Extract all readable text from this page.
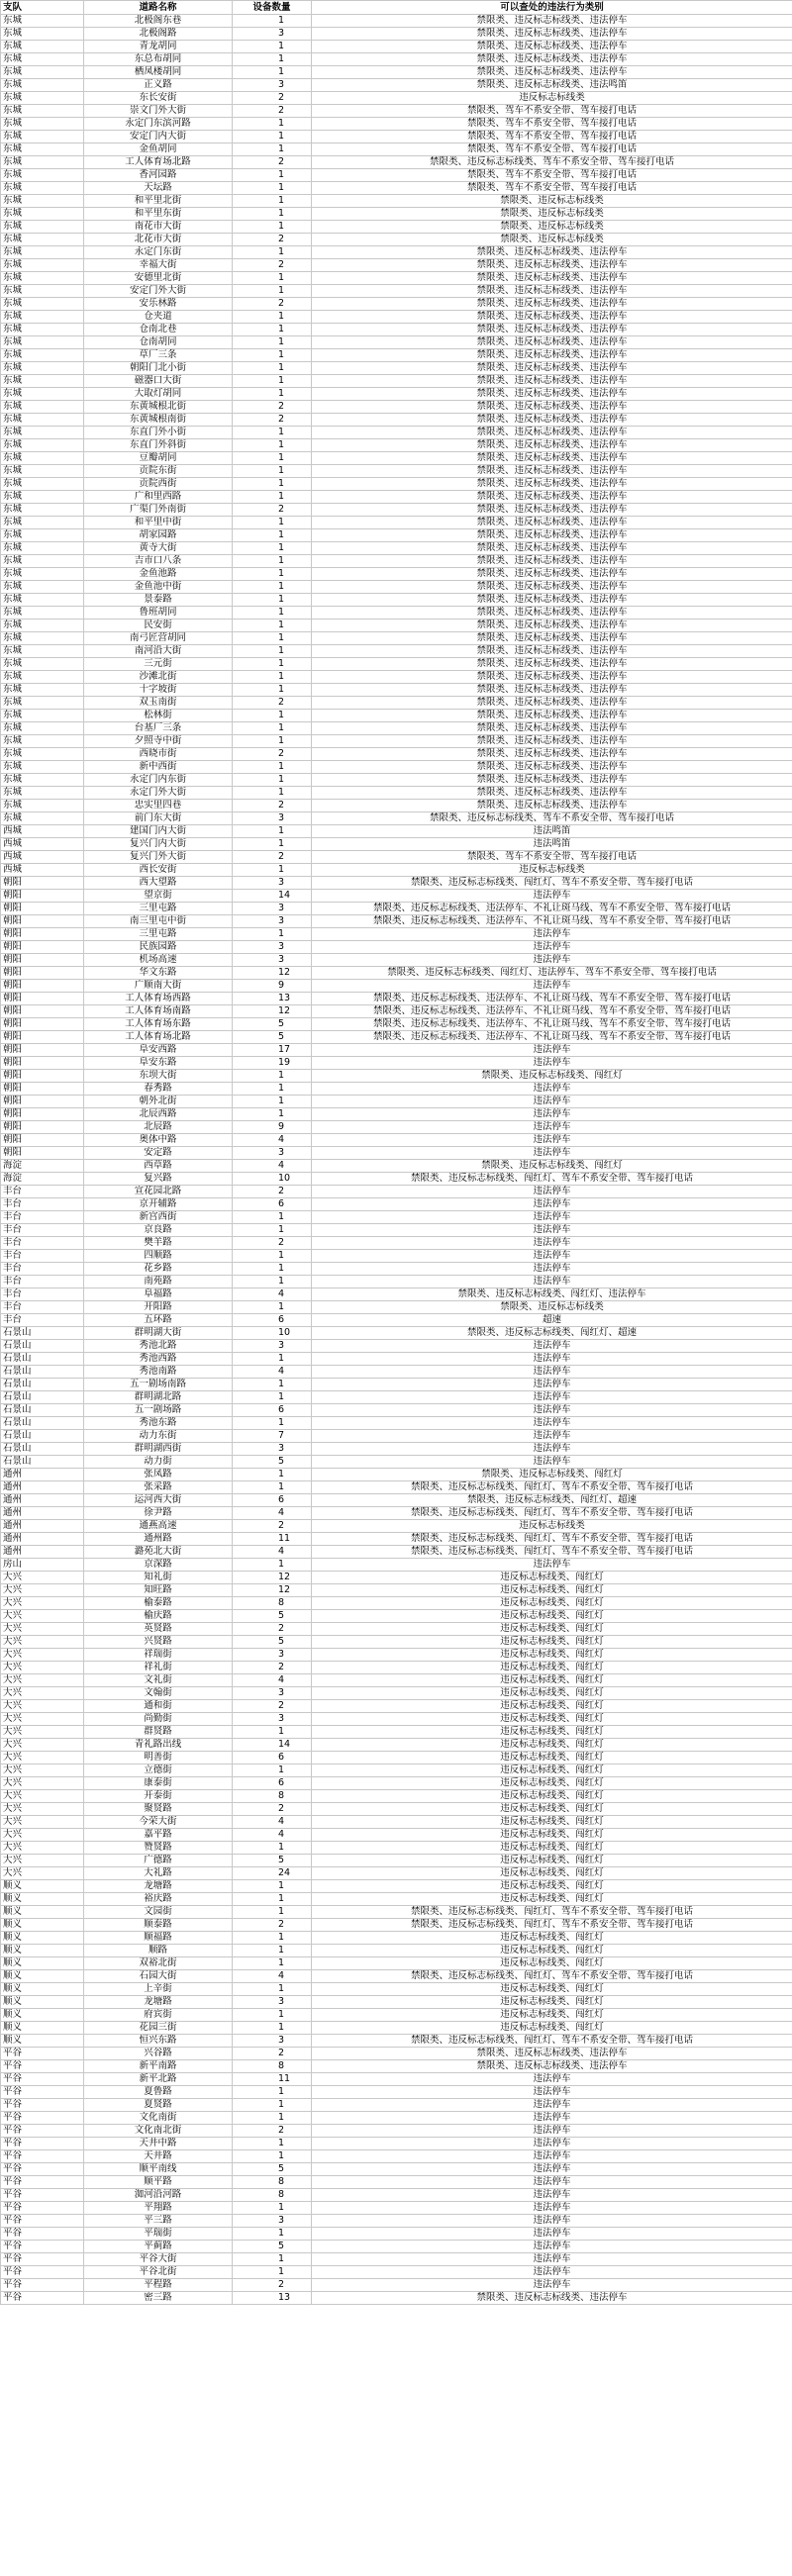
支队	道路名称	设备数量	可以查处的违法行为类别
东城	北极阁东巷	1	禁限类、违反标志标线类、违法停车
东城	北极阁路	3	禁限类、违反标志标线类、违法停车
东城	青龙胡同	1	禁限类、违反标志标线类、违法停车
东城	东总布胡同	1	禁限类、违反标志标线类、违法停车
东城	栖凤楼胡同	1	禁限类、违反标志标线类、违法停车
东城	正义路	3	禁限类、违反标志标线类、违法鸣笛
东城	东长安街	2	违反标志标线类
东城	崇文门外大街	2	禁限类、驾车不系安全带、驾车接打电话
东城	永定门东滨河路	1	禁限类、驾车不系安全带、驾车接打电话
东城	安定门内大街	1	禁限类、驾车不系安全带、驾车接打电话
东城	金鱼胡同	1	禁限类、驾车不系安全带、驾车接打电话
东城	工人体育场北路	2	禁限类、违反标志标线类、驾车不系安全带、驾车接打电话
东城	香河园路	1	禁限类、驾车不系安全带、驾车接打电话
东城	天坛路	1	禁限类、驾车不系安全带、驾车接打电话
东城	和平里北街	1	禁限类、违反标志标线类
东城	和平里东街	1	禁限类、违反标志标线类
东城	南花市大街	1	禁限类、违反标志标线类
东城	北花市大街	2	禁限类、违反标志标线类
东城	永定门东街	1	禁限类、违反标志标线类、违法停车
东城	幸福大街	2	禁限类、违反标志标线类、违法停车
东城	安德里北街	1	禁限类、违反标志标线类、违法停车
东城	安定门外大街	1	禁限类、违反标志标线类、违法停车
东城	安乐林路	2	禁限类、违反标志标线类、违法停车
东城	仓夹道	1	禁限类、违反标志标线类、违法停车
东城	仓南北巷	1	禁限类、违反标志标线类、违法停车
东城	仓南胡同	1	禁限类、违反标志标线类、违法停车
东城	草厂三条	1	禁限类、违反标志标线类、违法停车
东城	朝阳门北小街	1	禁限类、违反标志标线类、违法停车
东城	磁器口大街	1	禁限类、违反标志标线类、违法停车
东城	大取灯胡同	1	禁限类、违反标志标线类、违法停车
东城	东黄城根北街	2	禁限类、违反标志标线类、违法停车
东城	东黄城根南街	2	禁限类、违反标志标线类、违法停车
东城	东直门外小街	1	禁限类、违反标志标线类、违法停车
东城	东直门外斜街	1	禁限类、违反标志标线类、违法停车
东城	豆瓣胡同	1	禁限类、违反标志标线类、违法停车
东城	贡院东街	1	禁限类、违反标志标线类、违法停车
东城	贡院西街	1	禁限类、违反标志标线类、违法停车
东城	广和里西路	1	禁限类、违反标志标线类、违法停车
东城	广渠门外南街	2	禁限类、违反标志标线类、违法停车
东城	和平里中街	1	禁限类、违反标志标线类、违法停车
东城	胡家园路	1	禁限类、违反标志标线类、违法停车
东城	黄寺大街	1	禁限类、违反标志标线类、违法停车
东城	吉市口八条	1	禁限类、违反标志标线类、违法停车
东城	金鱼池路	1	禁限类、违反标志标线类、违法停车
东城	金鱼池中街	1	禁限类、违反标志标线类、违法停车
东城	景泰路	1	禁限类、违反标志标线类、违法停车
东城	鲁班胡同	1	禁限类、违反标志标线类、违法停车
东城	民安街	1	禁限类、违反标志标线类、违法停车
东城	南弓匠营胡同	1	禁限类、违反标志标线类、违法停车
东城	南河沿大街	1	禁限类、违反标志标线类、违法停车
东城	三元街	1	禁限类、违反标志标线类、违法停车
东城	沙滩北街	1	禁限类、违反标志标线类、违法停车
东城	十字坡街	1	禁限类、违反标志标线类、违法停车
东城	双玉南街	2	禁限类、违反标志标线类、违法停车
东城	松林街	1	禁限类、违反标志标线类、违法停车
东城	台基厂三条	1	禁限类、违反标志标线类、违法停车
东城	夕照寺中街	1	禁限类、违反标志标线类、违法停车
东城	西晓市街	2	禁限类、违反标志标线类、违法停车
东城	新中西街	1	禁限类、违反标志标线类、违法停车
东城	永定门内东街	1	禁限类、违反标志标线类、违法停车
东城	永定门外大街	1	禁限类、违反标志标线类、违法停车
东城	忠实里四巷	2	禁限类、违反标志标线类、违法停车
东城	前门东大街	3	禁限类、违反标志标线类、驾车不系安全带、驾车接打电话
西城	建国门内大街	1	违法鸣笛
西城	复兴门内大街	1	违法鸣笛
西城	复兴门外大街	2	禁限类、驾车不系安全带、驾车接打电话
西城	西长安街	1	违反标志标线类
朝阳	西大望路	3	禁限类、违反标志标线类、闯红灯、驾车不系安全带、驾车接打电话
朝阳	望京街	14	违法停车
朝阳	三里屯路	3	禁限类、违反标志标线类、违法停车、不礼让斑马线、驾车不系安全带、驾车接打电话
朝阳	南三里屯中街	3	禁限类、违反标志标线类、违法停车、不礼让斑马线、驾车不系安全带、驾车接打电话
朝阳	三里屯路	1	违法停车
朝阳	民族园路	3	违法停车
朝阳	机场高速	3	违法停车
朝阳	华文东路	12	禁限类、违反标志标线类、闯红灯、违法停车、驾车不系安全带、驾车接打电话
朝阳	广顺南大街	9	违法停车
朝阳	工人体育场西路	13	禁限类、违反标志标线类、违法停车、不礼让斑马线、驾车不系安全带、驾车接打电话
朝阳	工人体育场南路	12	禁限类、违反标志标线类、违法停车、不礼让斑马线、驾车不系安全带、驾车接打电话
朝阳	工人体育场东路	5	禁限类、违反标志标线类、违法停车、不礼让斑马线、驾车不系安全带、驾车接打电话
朝阳	工人体育场北路	5	禁限类、违反标志标线类、违法停车、不礼让斑马线、驾车不系安全带、驾车接打电话
朝阳	阜安西路	17	违法停车
朝阳	阜安东路	19	违法停车
朝阳	东坝大街	1	禁限类、违反标志标线类、闯红灯
朝阳	春秀路	1	违法停车
朝阳	朝外北街	1	违法停车
朝阳	北辰西路	1	违法停车
朝阳	北辰路	9	违法停车
朝阳	奥体中路	4	违法停车
朝阳	安定路	3	违法停车
海淀	西草路	4	禁限类、违反标志标线类、闯红灯
海淀	复兴路	10	禁限类、违反标志标线类、闯红灯、驾车不系安全带、驾车接打电话
丰台	宣花园北路	2	违法停车
丰台	京开辅路	6	违法停车
丰台	新宫西街	1	违法停车
丰台	京良路	1	违法停车
丰台	樊羊路	2	违法停车
丰台	四顺路	1	违法停车
丰台	花乡路	1	违法停车
丰台	南苑路	1	违法停车
丰台	阜福路	4	禁限类、违反标志标线类、闯红灯、违法停车
丰台	开阳路	1	禁限类、违反标志标线类
丰台	五环路	6	超速
石景山	群明湖大街	10	禁限类、违反标志标线类、闯红灯、超速
石景山	秀池北路	3	违法停车
石景山	秀池西路	1	违法停车
石景山	秀池南路	4	违法停车
石景山	五一剧场南路	1	违法停车
石景山	群明湖北路	1	违法停车
石景山	五一剧场路	6	违法停车
石景山	秀池东路	1	违法停车
石景山	动力东街	7	违法停车
石景山	群明湖西街	3	违法停车
石景山	动力街	5	违法停车
通州	张凤路	1	禁限类、违反标志标线类、闯红灯
通州	张采路	1	禁限类、违反标志标线类、闯红灯、驾车不系安全带、驾车接打电话
通州	运河西大街	6	禁限类、违反标志标线类、闯红灯、超速
通州	徐尹路	4	禁限类、违反标志标线类、闯红灯、驾车不系安全带、驾车接打电话
通州	通燕高速	2	违反标志标线类
通州	通州路	11	禁限类、违反标志标线类、闯红灯、驾车不系安全带、驾车接打电话
通州	潞苑北大街	4	禁限类、违反标志标线类、闯红灯、驾车不系安全带、驾车接打电话
房山	京深路	1	违法停车
大兴	知礼街	12	违反标志标线类、闯红灯
大兴	知旺路	12	违反标志标线类、闯红灯
大兴	榆泰路	8	违反标志标线类、闯红灯
大兴	榆庆路	5	违反标志标线类、闯红灯
大兴	英贤路	2	违反标志标线类、闯红灯
大兴	兴贤路	5	违反标志标线类、闯红灯
大兴	祥瑞街	3	违反标志标线类、闯红灯
大兴	祥礼街	2	违反标志标线类、闯红灯
大兴	文礼街	4	违反标志标线类、闯红灯
大兴	文翰街	3	违反标志标线类、闯红灯
大兴	通和街	2	违反标志标线类、闯红灯
大兴	尚勤街	3	违反标志标线类、闯红灯
大兴	群贤路	1	违反标志标线类、闯红灯
大兴	青礼路出线	14	违反标志标线类、闯红灯
大兴	明善街	6	违反标志标线类、闯红灯
大兴	立德街	1	违反标志标线类、闯红灯
大兴	康泰街	6	违反标志标线类、闯红灯
大兴	开泰街	8	违反标志标线类、闯红灯
大兴	聚贤路	2	违反标志标线类、闯红灯
大兴	今荣大街	4	违反标志标线类、闯红灯
大兴	嘉平路	4	违反标志标线类、闯红灯
大兴	赞贤路	1	违反标志标线类、闯红灯
大兴	广德路	5	违反标志标线类、闯红灯
大兴	大礼路	24	违反标志标线类、闯红灯
顺义	龙塘路	1	违反标志标线类、闯红灯
顺义	裕庆路	1	违反标志标线类、闯红灯
顺义	文园街	1	禁限类、违反标志标线类、闯红灯、驾车不系安全带、驾车接打电话
顺义	顺泰路	2	禁限类、违反标志标线类、闯红灯、驾车不系安全带、驾车接打电话
顺义	顺福路	1	违反标志标线类、闯红灯
顺义	顺路	1	违反标志标线类、闯红灯
顺义	双裕北街	1	违反标志标线类、闯红灯
顺义	石园大街	4	禁限类、违反标志标线类、闯红灯、驾车不系安全带、驾车接打电话
顺义	上辛街	1	违反标志标线类、闯红灯
顺义	龙塘路	3	违反标志标线类、闯红灯
顺义	府宾街	1	违反标志标线类、闯红灯
顺义	花园三街	1	违反标志标线类、闯红灯
顺义	恒兴东路	3	禁限类、违反标志标线类、闯红灯、驾车不系安全带、驾车接打电话
平谷	兴谷路	2	禁限类、违反标志标线类、违法停车
平谷	新平南路	8	禁限类、违反标志标线类、违法停车
平谷	新平北路	11	违法停车
平谷	夏鲁路	1	违法停车
平谷	夏贤路	1	违法停车
平谷	文化南街	1	违法停车
平谷	文化南北街	2	违法停车
平谷	天井中路	1	违法停车
平谷	天井路	1	违法停车
平谷	顺平南线	5	违法停车
平谷	顺平路	8	违法停车
平谷	洳河沿河路	8	违法停车
平谷	平翔路	1	违法停车
平谷	平三路	3	违法停车
平谷	平瑞街	1	违法停车
平谷	平蓟路	5	违法停车
平谷	平谷大街	1	违法停车
平谷	平谷北街	1	违法停车
平谷	平程路	2	违法停车
平谷	密三路	13	禁限类、违反标志标线类、违法停车
